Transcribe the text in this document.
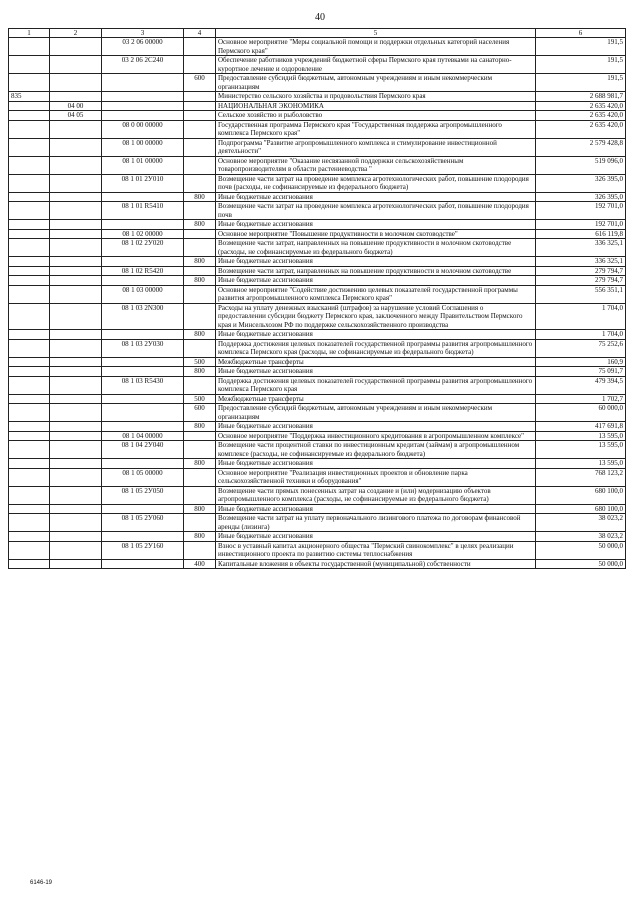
40
1	2	3	4	5	6
		03 2 06 00000		Основное мероприятие "Меры социальной помощи и поддержки отдельных категорий населения Пермского края"	191,5
		03 2 06 2С240		Обеспечение работников учреждений бюджетной сферы Пермского края путевками на санаторно-курортное лечение и оздоровление	191,5
			600	Предоставление субсидий бюджетным, автономным учреждениям и иным некоммерческим организациям	191,5
835				Министерство сельского хозяйства и продовольствия Пермского края	2 688 981,7
	04 00			НАЦИОНАЛЬНАЯ ЭКОНОМИКА	2 635 420,0
	04 05			Сельское хозяйство и рыболовство	2 635 420,0
		08 0 00 00000		Государственная программа Пермского края "Государственная поддержка агропромышленного комплекса Пермского края"	2 635 420,0
		08 1 00 00000		Подпрограмма "Развитие агропромышленного комплекса и стимулирование инвестиционной деятельности"	2 579 428,8
		08 1 01 00000		Основное мероприятие "Оказание несвязанной поддержки сельскохозяйственным товаропроизводителям в области растениеводства "	519 096,0
		08 1 01 2У010		Возмещение части затрат на проведение комплекса агротехнологических работ, повышение плодородия почв (расходы, не софинансируемые из федерального бюджета)	326 395,0
			800	Иные бюджетные ассигнования	326 395,0
		08 1 01 R5410		Возмещение части затрат на проведение комплекса агротехнологических работ, повышение плодородия почв	192 701,0
			800	Иные бюджетные ассигнования	192 701,0
		08 1 02 00000		Основное мероприятие "Повышение продуктивности в молочном скотоводстве"	616 119,8
		08 1 02 2У020		Возмещение части затрат, направленных на повышение продуктивности в молочном скотоводстве (расходы, не софинансируемые из федерального бюджета)	336 325,1
			800	Иные бюджетные ассигнования	336 325,1
		08 1 02 R5420		Возмещение части затрат, направленных на повышение продуктивности в молочном скотоводстве	279 794,7
			800	Иные бюджетные ассигнования	279 794,7
		08 1 03 00000		Основное мероприятие "Содействие достижению целевых показателей государственной программы развития агропромышленного комплекса Пермского края"	556 351,1
		08 1 03 2N300		Расходы на уплату денежных взысканий (штрафов) за нарушение условий Соглашения о предоставлении субсидии бюджету Пермского края, заключенного между Правительством Пермского края и Минсельхозом РФ по поддержке сельскохозяйственного производства	1 704,0
			800	Иные бюджетные ассигнования	1 704,0
		08 1 03 2У030		Поддержка достижения целевых показателей государственной программы развития агропромышленного комплекса Пермского края (расходы, не софинансируемые из федерального бюджета)	75 252,6
			500	Межбюджетные трансферты	160,9
			800	Иные бюджетные ассигнования	75 091,7
		08 1 03 R5430		Поддержка достижения целевых показателей государственной программы развития агропромышленного комплекса Пермского края	479 394,5
			500	Межбюджетные трансферты	1 702,7
			600	Предоставление субсидий бюджетным, автономным учреждениям и иным некоммерческим организациям	60 000,0
			800	Иные бюджетные ассигнования	417 691,8
		08 1 04 00000		Основное мероприятие "Поддержка инвестиционного кредитования в агропромышленном комплексе"	13 595,0
		08 1 04 2У040		Возмещение части процентной ставки по инвестиционным кредитам (займам) в агропромышленном комплексе (расходы, не софинансируемые из федерального бюджета)	13 595,0
			800	Иные бюджетные ассигнования	13 595,0
		08 1 05 00000		Основное мероприятие "Реализация инвестиционных проектов и обновление парка сельскохозяйственной техники и оборудования"	768 123,2
		08 1 05 2У050		Возмещение части прямых понесенных затрат на создание и (или) модернизацию объектов агропромышленного комплекса (расходы, не софинансируемые из федерального бюджета)	680 100,0
			800	Иные бюджетные ассигнования	680 100,0
		08 1 05 2У060		Возмещение части затрат на уплату первоначального лизингового платежа по договорам финансовой аренды (лизинга)	38 023,2
			800	Иные бюджетные ассигнования	38 023,2
		08 1 05 2У160		Взнос в уставный капитал акционерного общества "Пермский свинокомплекс" в целях реализации инвестиционного проекта по развитию системы теплоснабжения	50 000,0
			400	Капитальные вложения в объекты государственной (муниципальной) собственности	50 000,0
6146-19
